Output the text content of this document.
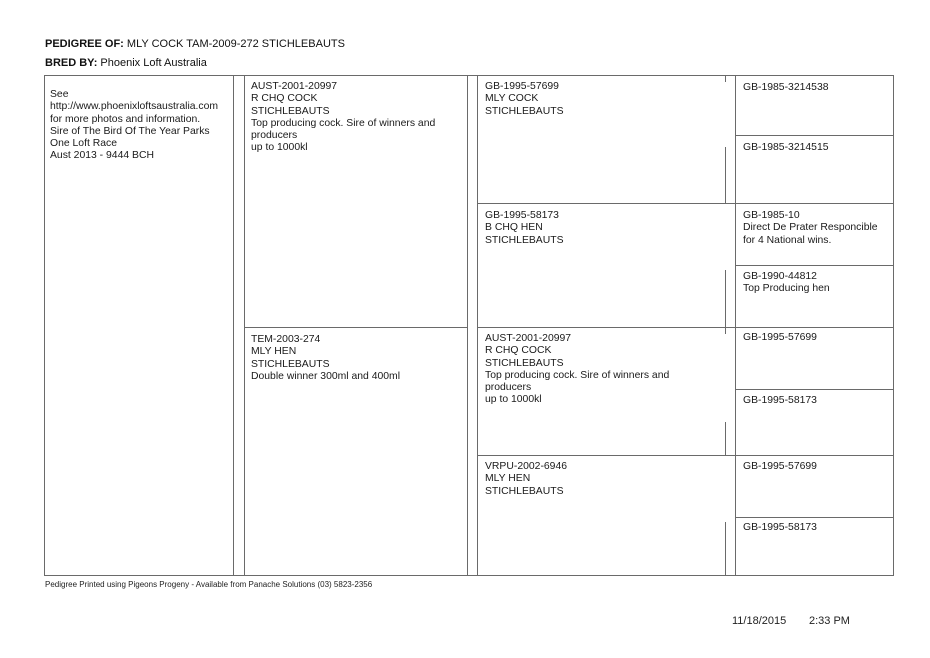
PEDIGREE OF: MLY COCK TAM-2009-272 STICHLEBAUTS
BRED BY: Phoenix Loft Australia
See
http://www.phoenixloftsaustralia.com
for more photos and information.
Sire of The Bird Of The Year Parks
One Loft Race
Aust 2013 - 9444 BCH
AUST-2001-20997
R CHQ COCK
STICHLEBAUTS
Top producing cock. Sire of winners and
producers
up to 1000kl
TEM-2003-274
MLY HEN
STICHLEBAUTS
Double winner 300ml and 400ml
GB-1995-57699
MLY COCK
STICHLEBAUTS
GB-1995-58173
B CHQ HEN
STICHLEBAUTS
AUST-2001-20997
R CHQ COCK
STICHLEBAUTS
Top producing cock. Sire of winners and
producers
up to 1000kl
VRPU-2002-6946
MLY HEN
STICHLEBAUTS
GB-1985-3214538
GB-1985-3214515
GB-1985-10
Direct De Prater Responcible
for 4 National wins.
GB-1990-44812
Top Producing hen
GB-1995-57699
GB-1995-58173
GB-1995-57699
GB-1995-58173
Pedigree Printed using Pigeons Progeny - Available from Panache Solutions (03) 5823-2356
11/18/2015 2:33 PM
